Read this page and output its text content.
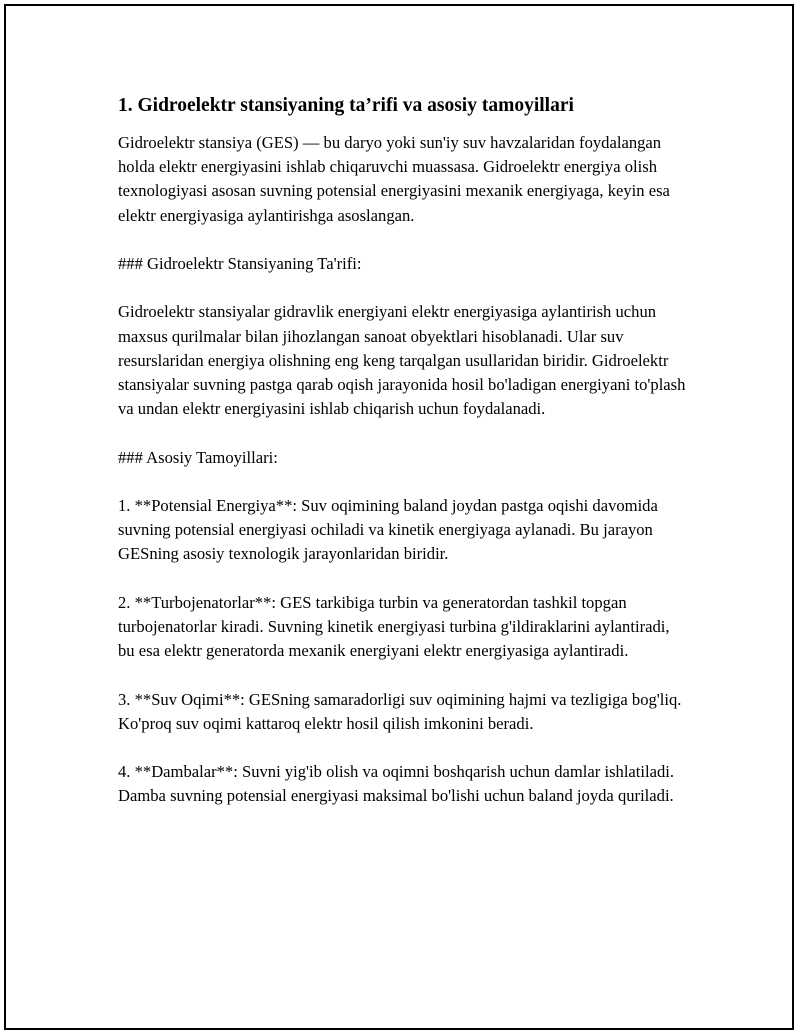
1. Gidroelektr stansiyaning ta’rifi va asosiy tamoyillari

Gidroelektr stansiya (GES) — bu daryo yoki sun'iy suv havzalaridan foydalangan holda elektr energiyasini ishlab chiqaruvchi muassasa. Gidroelektr energiya olish texnologiyasi asosan suvning potensial energiyasini mexanik energiyaga, keyin esa elektr energiyasiga aylantirishga asoslangan.

### Gidroelektr Stansiyaning Ta'rifi:

Gidroelektr stansiyalar gidravlik energiyani elektr energiyasiga aylantirish uchun maxsus qurilmalar bilan jihozlangan sanoat obyektlari hisoblanadi. Ular suv resurslaridan energiya olishning eng keng tarqalgan usullaridan biridir. Gidroelektr stansiyalar suvning pastga qarab oqish jarayonida hosil bo'ladigan energiyani to'plash va undan elektr energiyasini ishlab chiqarish uchun foydalanadi.

### Asosiy Tamoyillari:

1. **Potensial Energiya**: Suv oqimining baland joydan pastga oqishi davomida suvning potensial energiyasi ochiladi va kinetik energiyaga aylanadi. Bu jarayon GESning asosiy texnologik jarayonlaridan biridir.

2. **Turbojenatorlar**: GES tarkibiga turbin va generatordan tashkil topgan turbojenatorlar kiradi. Suvning kinetik energiyasi turbina g'ildiraklarini aylantiradi, bu esa elektr generatorda mexanik energiyani elektr energiyasiga aylantiradi.

3. **Suv Oqimi**: GESning samaradorligi suv oqimining hajmi va tezligiga bog'liq. Ko'proq suv oqimi kattaroq elektr hosil qilish imkonini beradi.

4. **Dambalar**: Suvni yig'ib olish va oqimni boshqarish uchun damlar ishlatiladi. Damba suvning potensial energiyasi maksimal bo'lishi uchun baland joyda quriladi.
